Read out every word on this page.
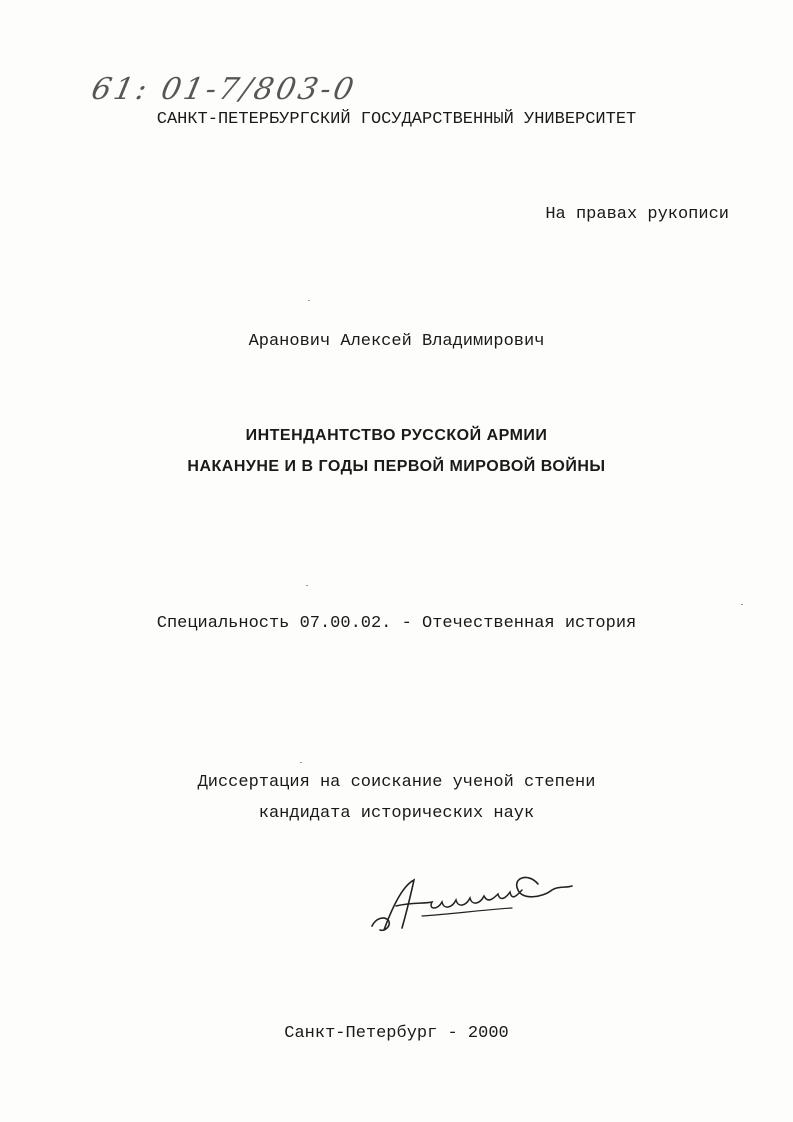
61: 01-7/803-0
САНКТ-ПЕТЕРБУРГСКИЙ ГОСУДАРСТВЕННЫЙ УНИВЕРСИТЕТ
На правах рукописи
Аранович Алексей Владимирович
ИНТЕНДАНТСТВО РУССКОЙ АРМИИ
НАКАНУНЕ И В ГОДЫ ПЕРВОЙ МИРОВОЙ ВОЙНЫ
Специальность 07.00.02. - Отечественная история
Диссертация на соискание ученой степени
кандидата исторических наук
Санкт-Петербург - 2000
